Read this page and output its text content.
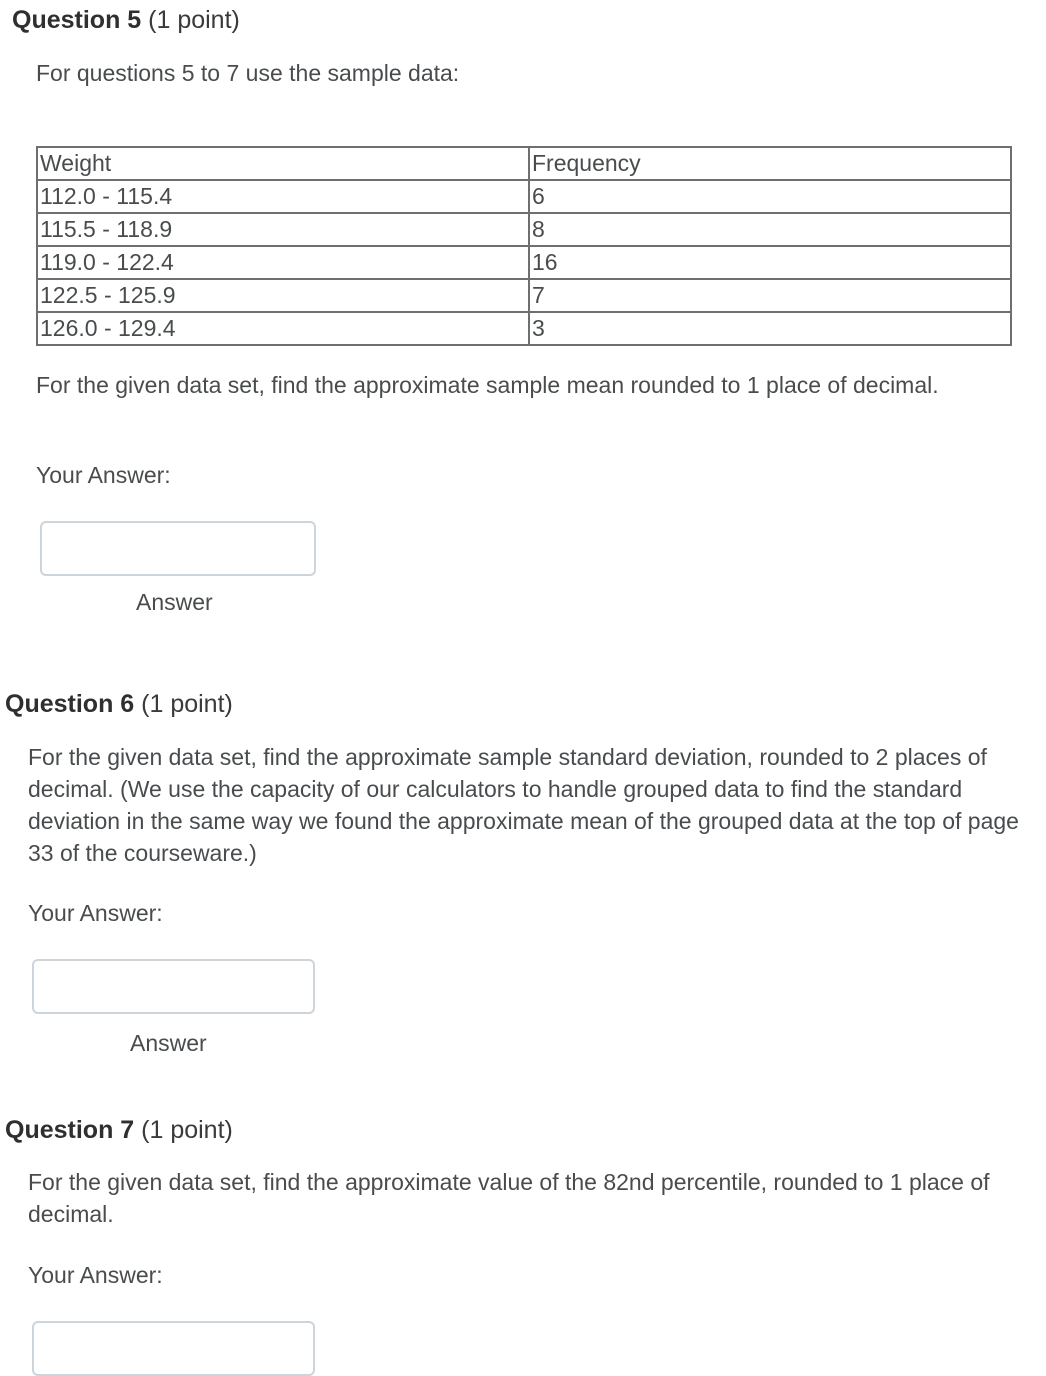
Question 5 (1 point)
For questions 5 to 7 use the sample data:
Weight	Frequency
112.0 - 115.4	6
115.5 - 118.9	8
119.0 - 122.4	16
122.5 - 125.9	7
126.0 - 129.4	3
For the given data set, find the approximate sample mean rounded to 1 place of decimal.
Your Answer:
Answer
Question 6 (1 point)
For the given data set, find the approximate sample standard deviation, rounded to 2 places of decimal. (We use the capacity of our calculators to handle grouped data to find the standard deviation in the same way we found the approximate mean of the grouped data at the top of page 33 of the courseware.)
Your Answer:
Answer
Question 7 (1 point)
For the given data set, find the approximate value of the 82nd percentile, rounded to 1 place of decimal.
Your Answer:
